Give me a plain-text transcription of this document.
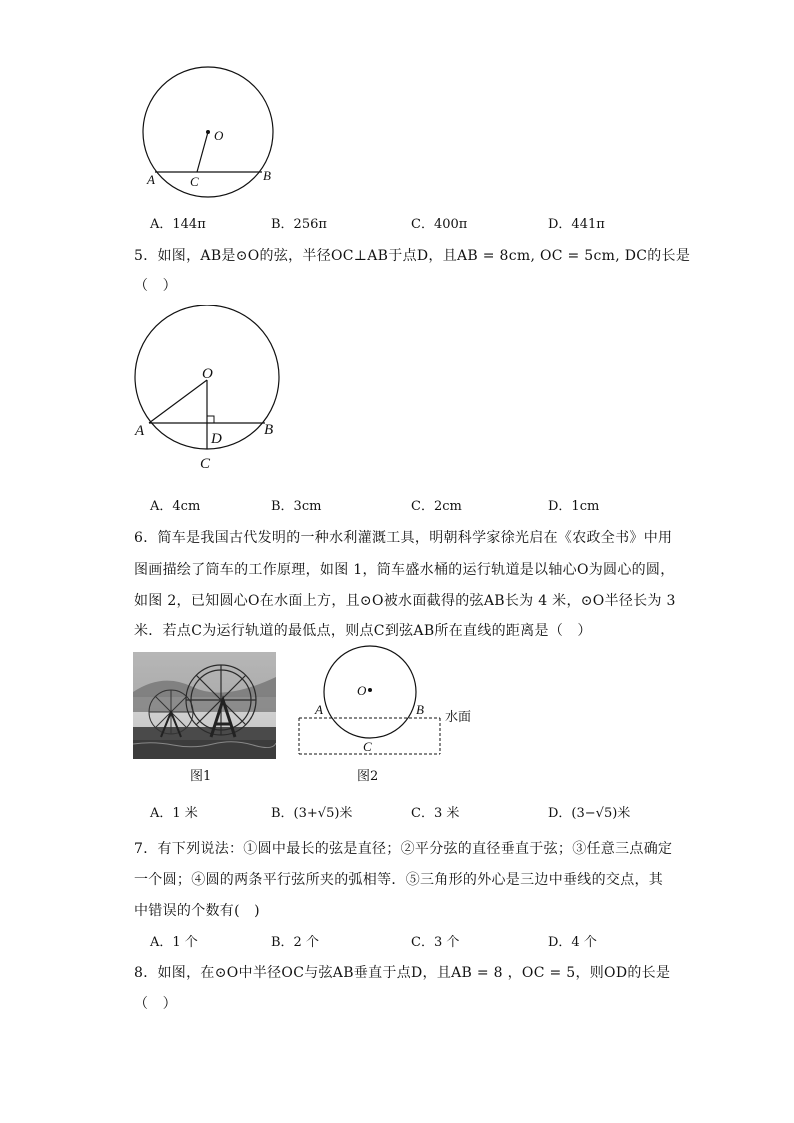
O
A	C	B
A．144π	B．256π	C．400π	D．441π
5．如图，AB是⊙O的弦，半径OC⊥AB于点D，且AB = 8cm, OC = 5cm, DC的长是
（　）
O
A	D
B
C
A．4cm	B．3cm	C．2cm	D．1cm
6．简车是我国古代发明的一种水利灌溉工具，明朝科学家徐光启在《农政全书》中用
图画描绘了筒车的工作原理，如图 1，筒车盛水桶的运行轨道是以轴心O为圆心的圆，
如图 2，已知圆心O在水面上方，且⊙O被水面截得的弦AB长为 4 米，⊙O半径长为 3
米．若点C为运行轨道的最低点，则点C到弦AB所在直线的距离是（　）
图1
O
A	B
C
水面
图2
A．1 米	B．(3+√5)米	C．3 米	D．(3−√5)米
7．有下列说法：①圆中最长的弦是直径；②平分弦的直径垂直于弦；③任意三点确定
一个圆；④圆的两条平行弦所夹的弧相等．⑤三角形的外心是三边中垂线的交点，其
中错误的个数有(　)
A．1 个	B．2 个	C．3 个	D．4 个
8．如图，在⊙O中半径OC与弦AB垂直于点D，且AB = 8 ，OC = 5，则OD的长是
（　）
